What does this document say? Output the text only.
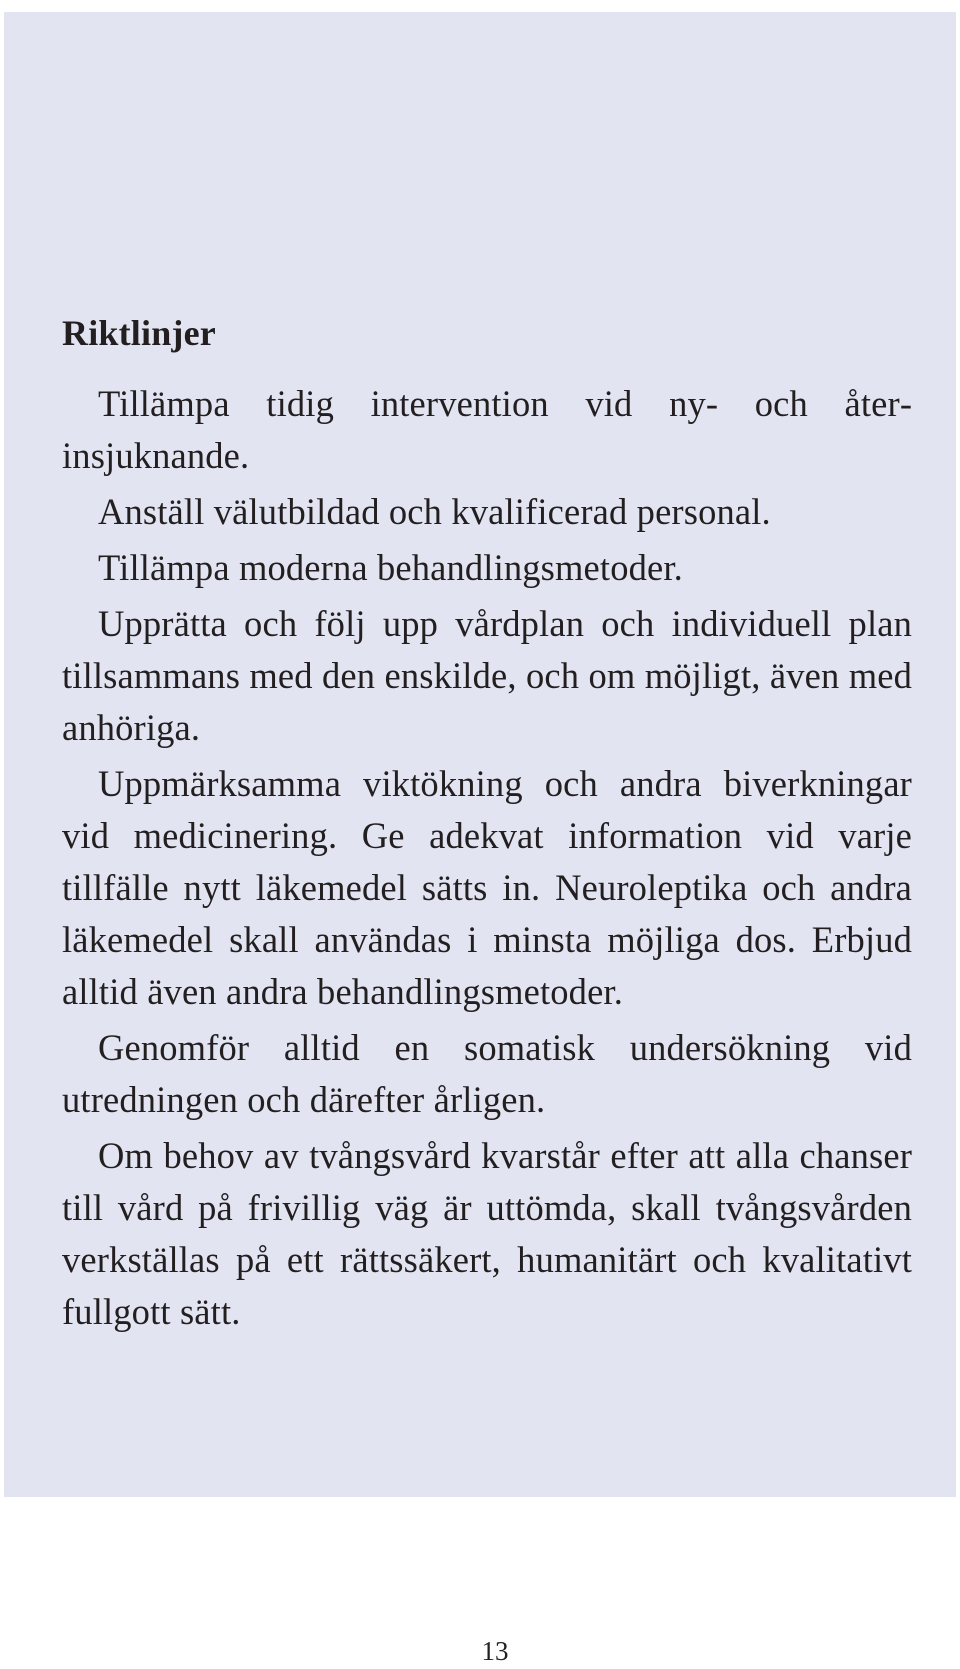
Riktlinjer

Tillämpa tidig intervention vid ny- och återinsjuknande.

Anställ välutbildad och kvalificerad personal.

Tillämpa moderna behandlingsmetoder.

Upprätta och följ upp vårdplan och individuell plan tillsammans med den enskilde, och om möjligt, även med anhöriga.

Uppmärksamma viktökning och andra biverkningar vid medicinering. Ge adekvat information vid varje tillfälle nytt läkemedel sätts in. Neuroleptika och andra läkemedel skall användas i minsta möjliga dos. Erbjud alltid även andra behandlingsmetoder.

Genomför alltid en somatisk undersökning vid utredningen och därefter årligen.

Om behov av tvångsvård kvarstår efter att alla chanser till vård på frivillig väg är uttömda, skall tvångsvården verkställas på ett rättssäkert, humanitärt och kvalitativt fullgott sätt.

13
